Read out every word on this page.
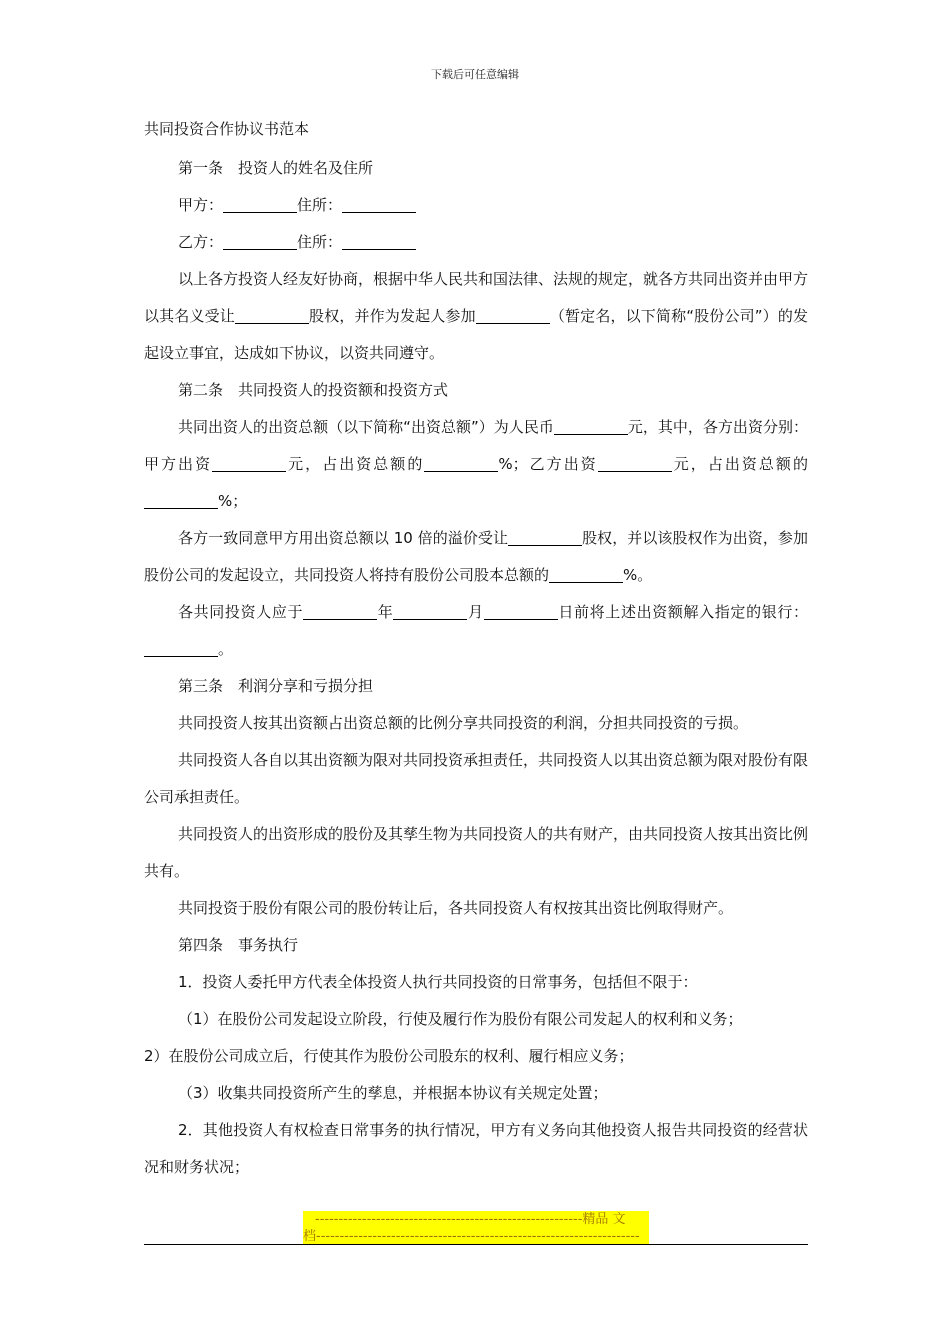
下载后可任意编辑
共同投资合作协议书范本

第一条　投资人的姓名及住所

甲方：	住所：

乙方：	住所：

以上各方投资人经友好协商，根据中华人民共和国法律、法规的规定，就各方共同出资并由甲方以其名义受让	股权，并作为发起人参加	（暂定名，以下简称“股份公司”）的发起设立事宜，达成如下协议，以资共同遵守。

第二条　共同投资人的投资额和投资方式

共同出资人的出资总额（以下简称“出资总额”）为人民币	元，其中，各方出资分别：甲方出资	元，占出资总额的	%；乙方出资	元，占出资总额的%；

各方一致同意甲方用出资总额以 10 倍的溢价受让	股权，并以该股权作为出资，参加股份公司的发起设立，共同投资人将持有股份公司股本总额的	%。

各共同投资人应于	年	月	日前将上述出资额解入指定的银行：。

第三条　利润分享和亏损分担

共同投资人按其出资额占出资总额的比例分享共同投资的利润，分担共同投资的亏损。

共同投资人各自以其出资额为限对共同投资承担责任，共同投资人以其出资总额为限对股份有限公司承担责任。

共同投资人的出资形成的股份及其孳生物为共同投资人的共有财产，由共同投资人按其出资比例共有。

共同投资于股份有限公司的股份转让后，各共同投资人有权按其出资比例取得财产。

第四条　事务执行

1．投资人委托甲方代表全体投资人执行共同投资的日常事务，包括但不限于：

（1）在股份公司发起设立阶段，行使及履行作为股份有限公司发起人的权利和义务；

2）在股份公司成立后，行使其作为股份公司股东的权利、履行相应义务；

（3）收集共同投资所产生的孳息，并根据本协议有关规定处置；

2．其他投资人有权检查日常事务的执行情况，甲方有义务向其他投资人报告共同投资的经营状况和财务状况；

---------------------------------------------------------精品 文
档---------------------------------------------------------------------
